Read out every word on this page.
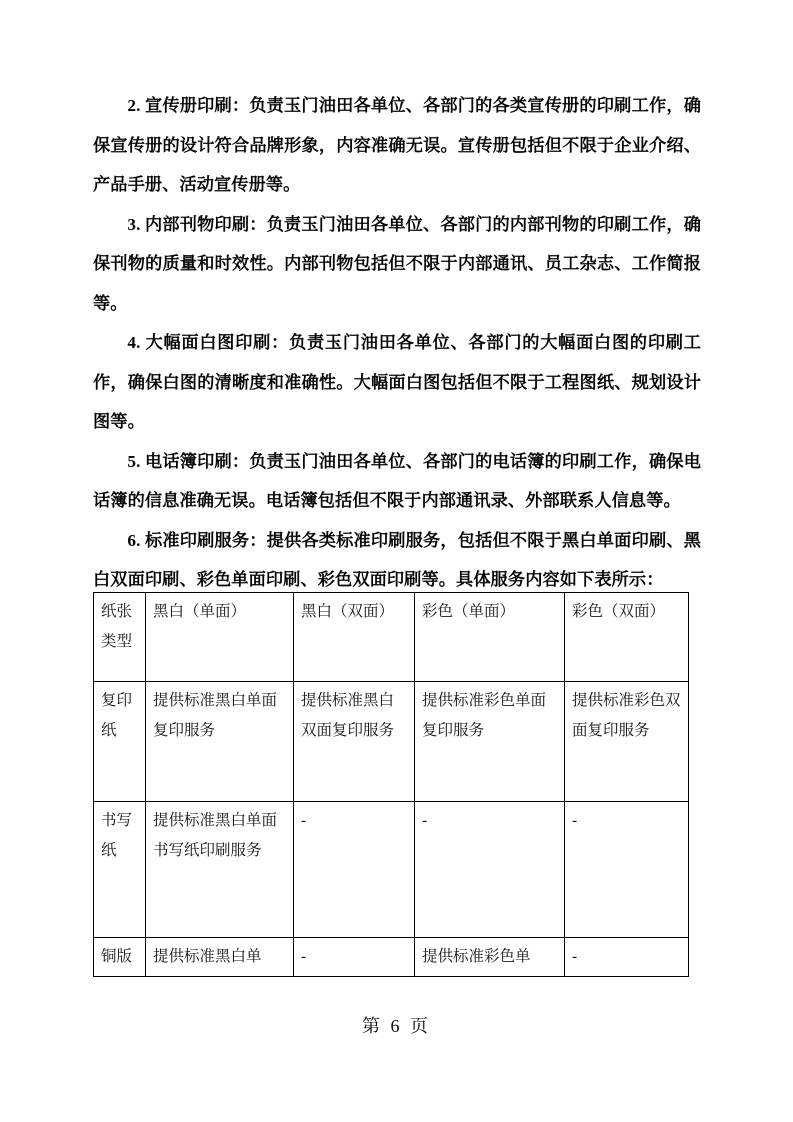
2. 宣传册印刷：负责玉门油田各单位、各部门的各类宣传册的印刷工作，确保宣传册的设计符合品牌形象，内容准确无误。宣传册包括但不限于企业介绍、产品手册、活动宣传册等。

3. 内部刊物印刷：负责玉门油田各单位、各部门的内部刊物的印刷工作，确保刊物的质量和时效性。内部刊物包括但不限于内部通讯、员工杂志、工作简报等。

4. 大幅面白图印刷：负责玉门油田各单位、各部门的大幅面白图的印刷工作，确保白图的清晰度和准确性。大幅面白图包括但不限于工程图纸、规划设计图等。

5. 电话簿印刷：负责玉门油田各单位、各部门的电话簿的印刷工作，确保电话簿的信息准确无误。电话簿包括但不限于内部通讯录、外部联系人信息等。

6. 标准印刷服务：提供各类标准印刷服务，包括但不限于黑白单面印刷、黑白双面印刷、彩色单面印刷、彩色双面印刷等。具体服务内容如下表所示：

纸张类型	黑白（单面）	黑白（双面）	彩色（单面）	彩色（双面）
复印纸	提供标准黑白单面复印服务	提供标准黑白双面复印服务	提供标准彩色单面复印服务	提供标准彩色双面复印服务
书写纸	提供标准黑白单面书写纸印刷服务	-	-	-
铜版	提供标准黑白单	-	提供标准彩色单	-
第 6 页
